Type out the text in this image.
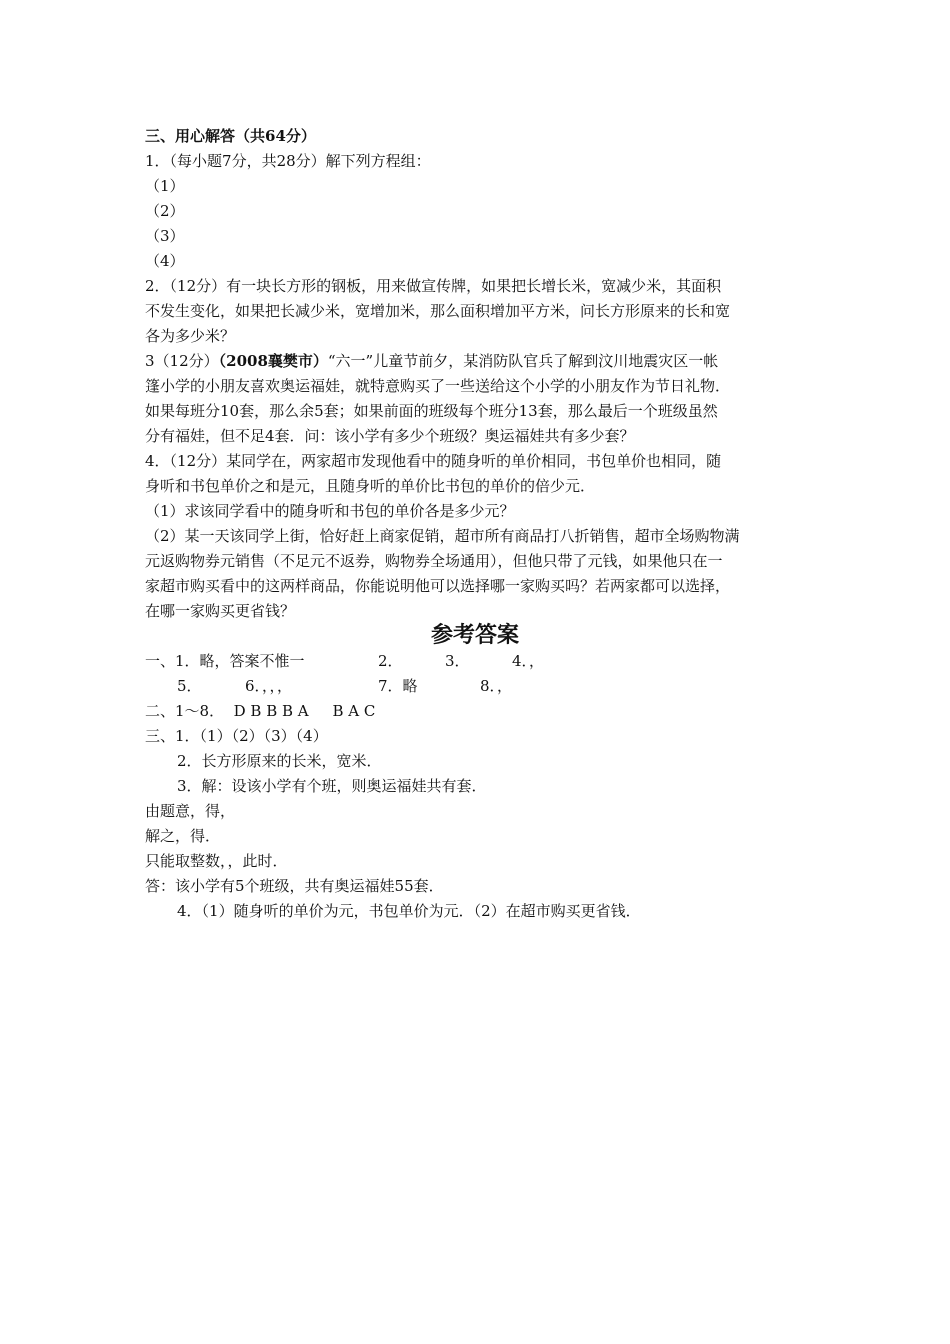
三、用心解答（共64分）
1．（每小题7分，共28分）解下列方程组：
（1）
（2）
（3）
（4）
2．（12分）有一块长方形的钢板，用来做宣传牌，如果把长增长米，宽减少米，其面积
不发生变化，如果把长减少米，宽增加米，那么面积增加平方米，问长方形原来的长和宽
各为多少米？
3（12分）（2008襄樊市）“六一”儿童节前夕，某消防队官兵了解到汶川地震灾区一帐
篷小学的小朋友喜欢奥运福娃，就特意购买了一些送给这个小学的小朋友作为节日礼物．
如果每班分10套，那么余5套；如果前面的班级每个班分13套，那么最后一个班级虽然
分有福娃，但不足4套．问：该小学有多少个班级？奥运福娃共有多少套？
4．（12分）某同学在，两家超市发现他看中的随身听的单价相同，书包单价也相同，随
身听和书包单价之和是元，且随身听的单价比书包的单价的倍少元．
（1）求该同学看中的随身听和书包的单价各是多少元？
（2）某一天该同学上街，恰好赶上商家促销，超市所有商品打八折销售，超市全场购物满
元返购物券元销售（不足元不返券，购物券全场通用），但他只带了元钱，如果他只在一
家超市购买看中的这两样商品，你能说明他可以选择哪一家购买吗？若两家都可以选择，
在哪一家购买更省钱？
参考答案
一、1．略，答案不惟一	2．	3．	4．，
5．	6．，，，	7．略	8．，
二、1～8．  D B B B A     B A C
三、1．（1）（2）（3）（4）
2．长方形原来的长米，宽米．
3．解：设该小学有个班，则奥运福娃共有套．
由题意，得，
解之，得．
只能取整数，，此时．
答：该小学有5个班级，共有奥运福娃55套．
4．（1）随身听的单价为元，书包单价为元．（2）在超市购买更省钱．
